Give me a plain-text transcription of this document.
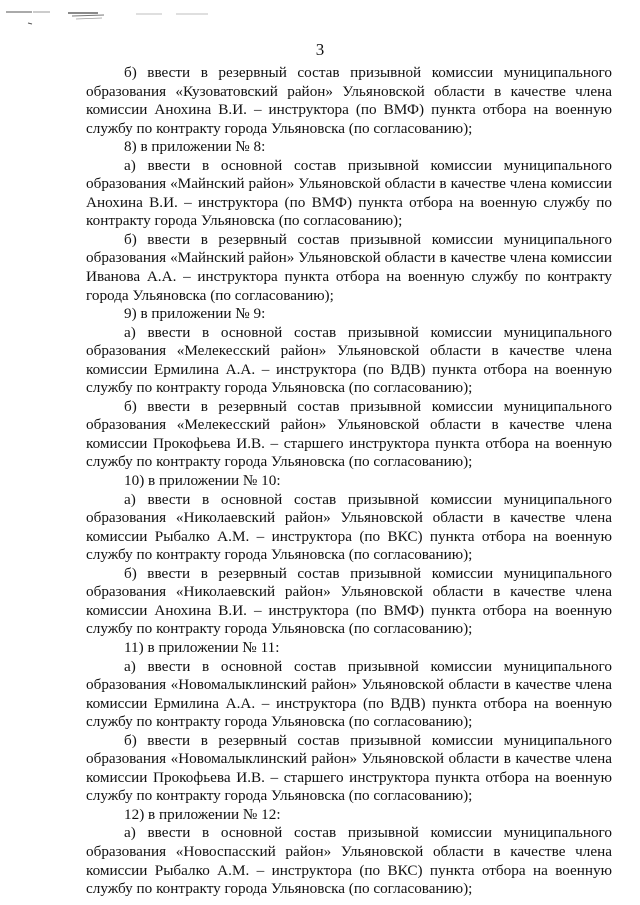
3

б) ввести в резервный состав призывной комиссии муниципального образования «Кузоватовский район» Ульяновской области в качестве члена комиссии Анохина В.И. – инструктора (по ВМФ) пункта отбора на военную службу по контракту города Ульяновска (по согласованию);

8) в приложении № 8:

а) ввести в основной состав призывной комиссии муниципального образования «Майнский район» Ульяновской области в качестве члена комиссии Анохина В.И. – инструктора (по ВМФ) пункта отбора на военную службу по контракту города Ульяновска (по согласованию);

б) ввести в резервный состав призывной комиссии муниципального образования «Майнский район» Ульяновской области в качестве члена комиссии Иванова А.А. – инструктора пункта отбора на военную службу по контракту города Ульяновска (по согласованию);

9) в приложении № 9:

а) ввести в основной состав призывной комиссии муниципального образования «Мелекесский район» Ульяновской области в качестве члена комиссии Ермилина А.А. – инструктора (по ВДВ) пункта отбора на военную службу по контракту города Ульяновска (по согласованию);

б) ввести в резервный состав призывной комиссии муниципального образования «Мелекесский район» Ульяновской области в качестве члена комиссии Прокофьева И.В. – старшего инструктора пункта отбора на военную службу по контракту города Ульяновска (по согласованию);

10) в приложении № 10:

а) ввести в основной состав призывной комиссии муниципального образования «Николаевский район» Ульяновской области в качестве члена комиссии Рыбалко А.М. – инструктора (по ВКС) пункта отбора на военную службу по контракту города Ульяновска (по согласованию);

б) ввести в резервный состав призывной комиссии муниципального образования «Николаевский район» Ульяновской области в качестве члена комиссии Анохина В.И. – инструктора (по ВМФ) пункта отбора на военную службу по контракту города Ульяновска (по согласованию);

11) в приложении № 11:

а) ввести в основной состав призывной комиссии муниципального образования «Новомалыклинский район» Ульяновской области в качестве члена комиссии Ермилина А.А. – инструктора (по ВДВ) пункта отбора на военную службу по контракту города Ульяновска (по согласованию);

б) ввести в резервный состав призывной комиссии муниципального образования «Новомалыклинский район» Ульяновской области в качестве члена комиссии Прокофьева И.В. – старшего инструктора пункта отбора на военную службу по контракту города Ульяновска (по согласованию);

12) в приложении № 12:

а) ввести в основной состав призывной комиссии муниципального образования «Новоспасский район» Ульяновской области в качестве члена комиссии Рыбалко А.М. – инструктора (по ВКС) пункта отбора на военную службу по контракту города Ульяновска (по согласованию);
